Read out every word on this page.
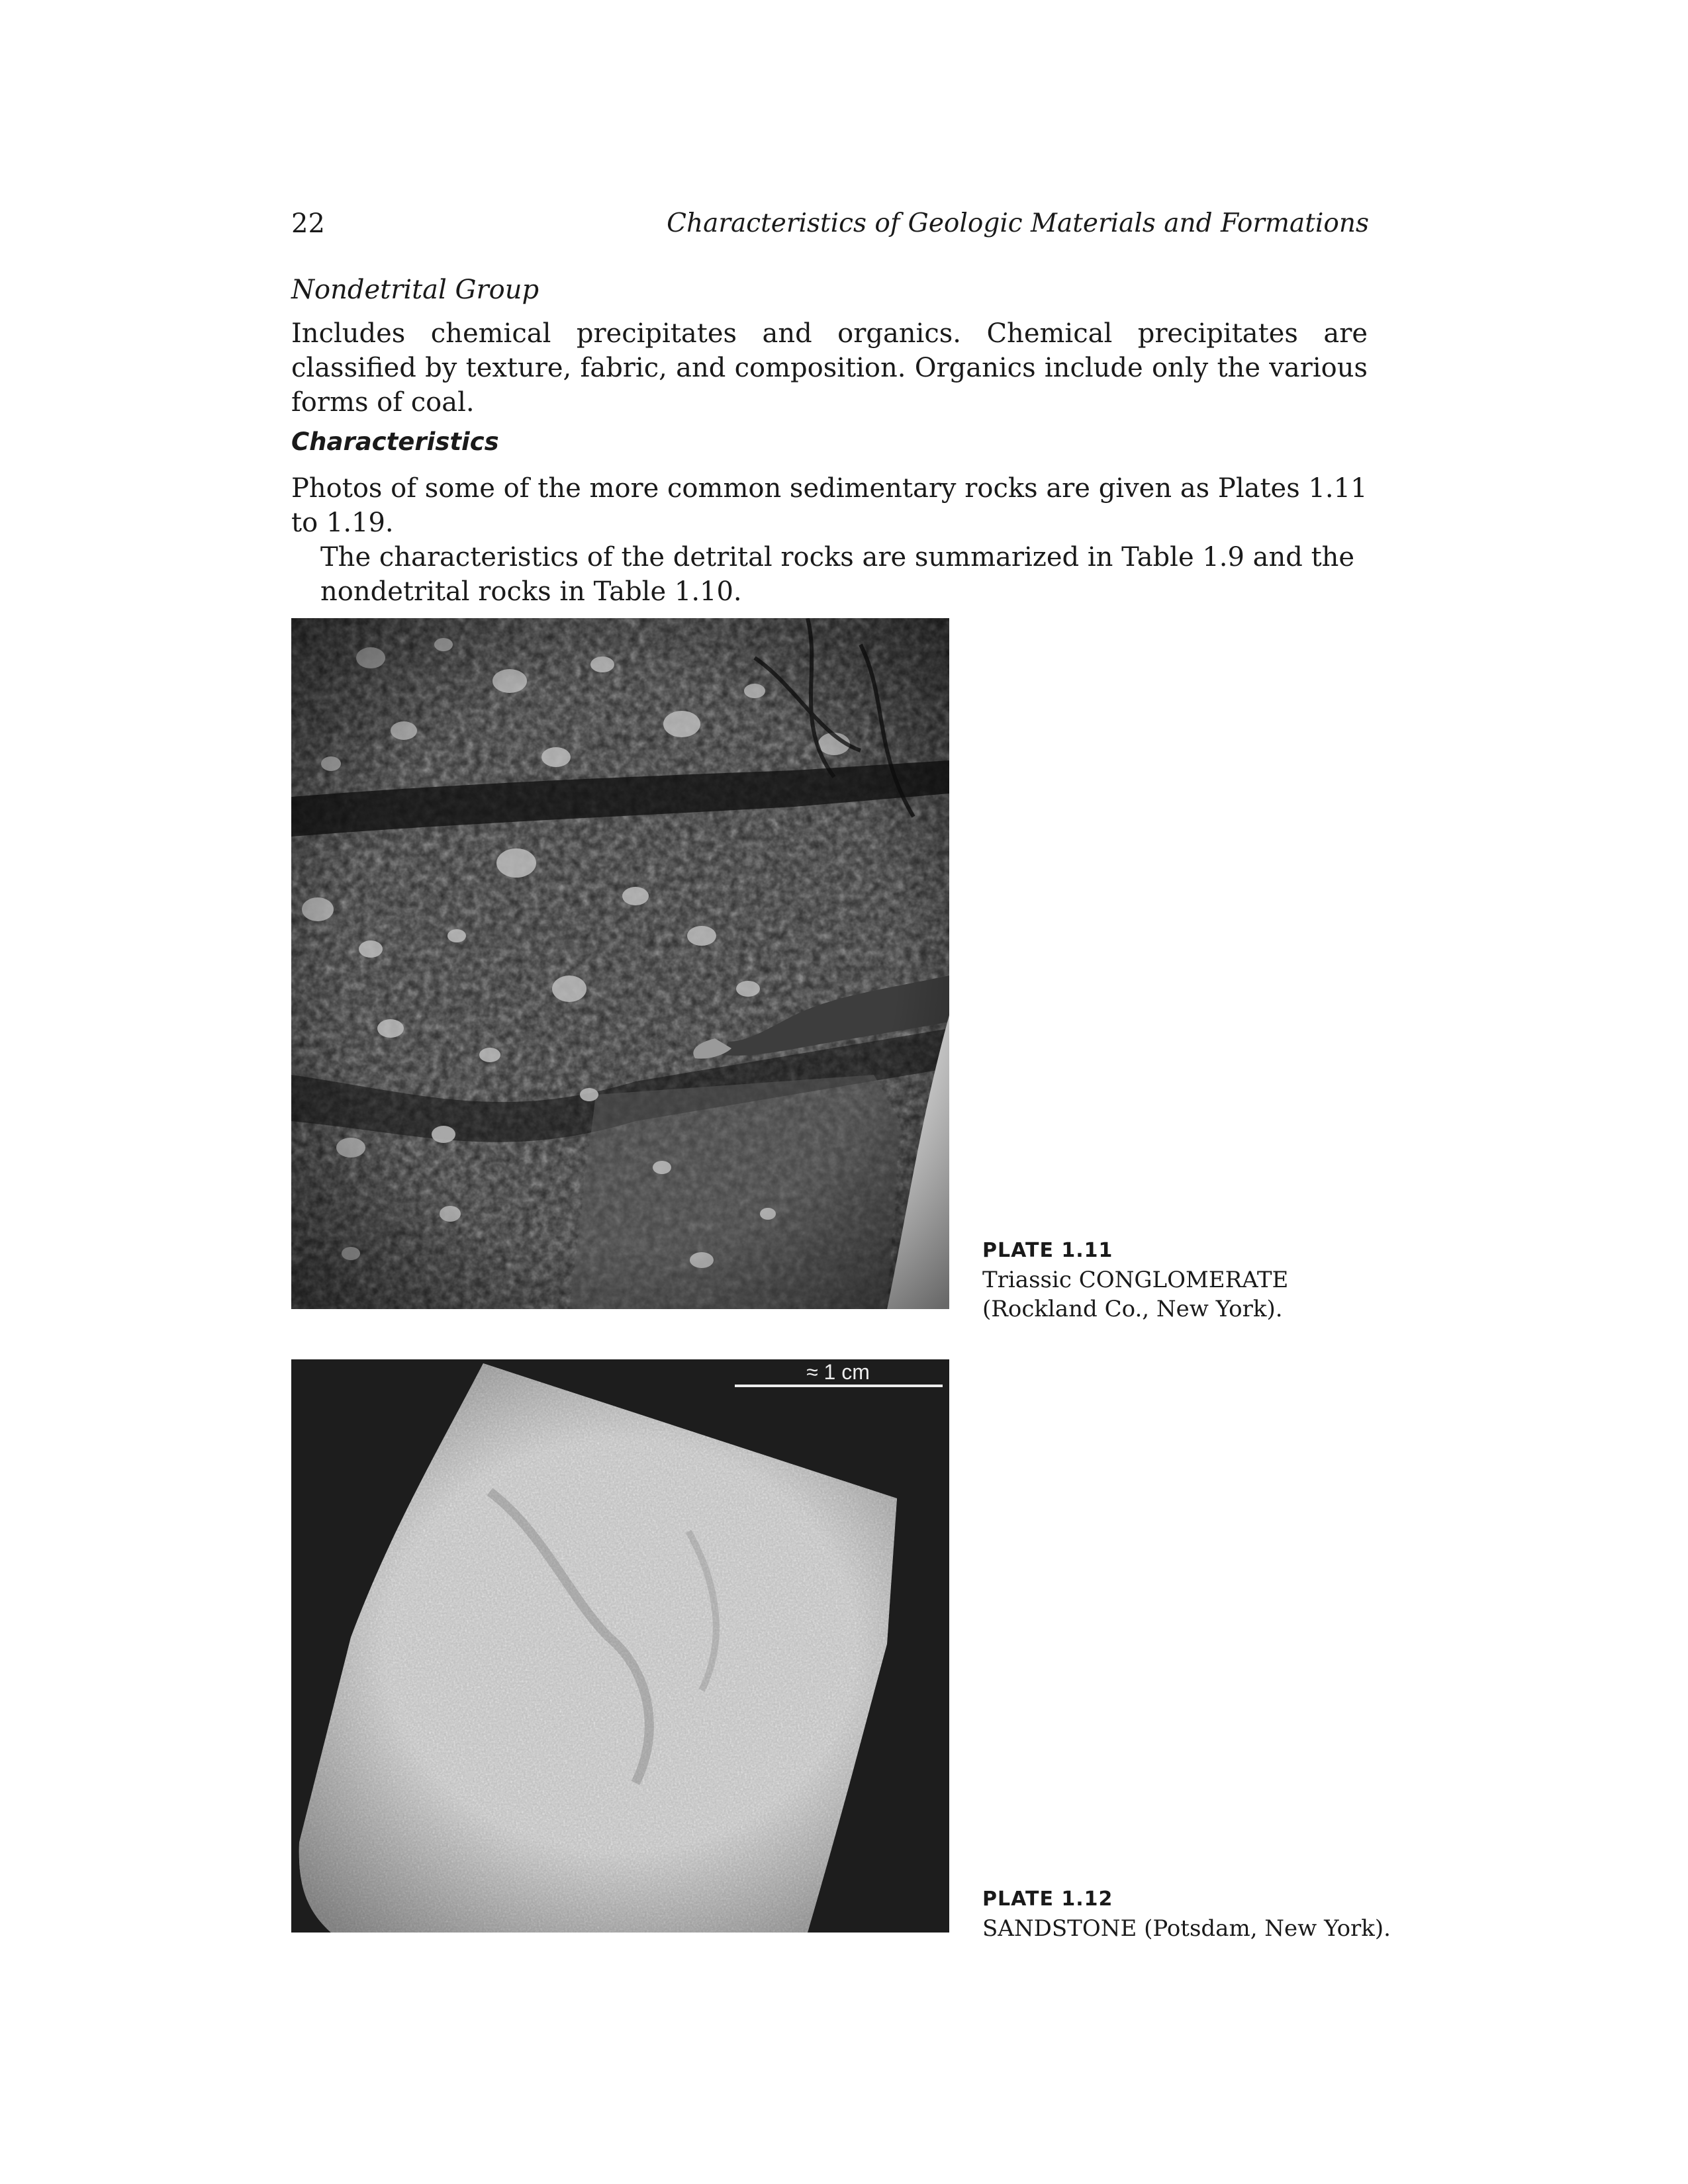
22	Characteristics of Geologic Materials and Formations
Nondetrital Group
Includes chemical precipitates and organics. Chemical precipitates are classified by texture, fabric, and composition. Organics include only the various forms of coal.
Characteristics
Photos of some of the more common sedimentary rocks are given as Plates 1.11 to 1.19.
The characteristics of the detrital rocks are summarized in Table 1.9 and the nondetrital rocks in Table 1.10.
PLATE 1.11
Triassic CONGLOMERATE (Rockland Co., New York).
≈ 1 cm
PLATE 1.12
SANDSTONE (Potsdam, New York).
